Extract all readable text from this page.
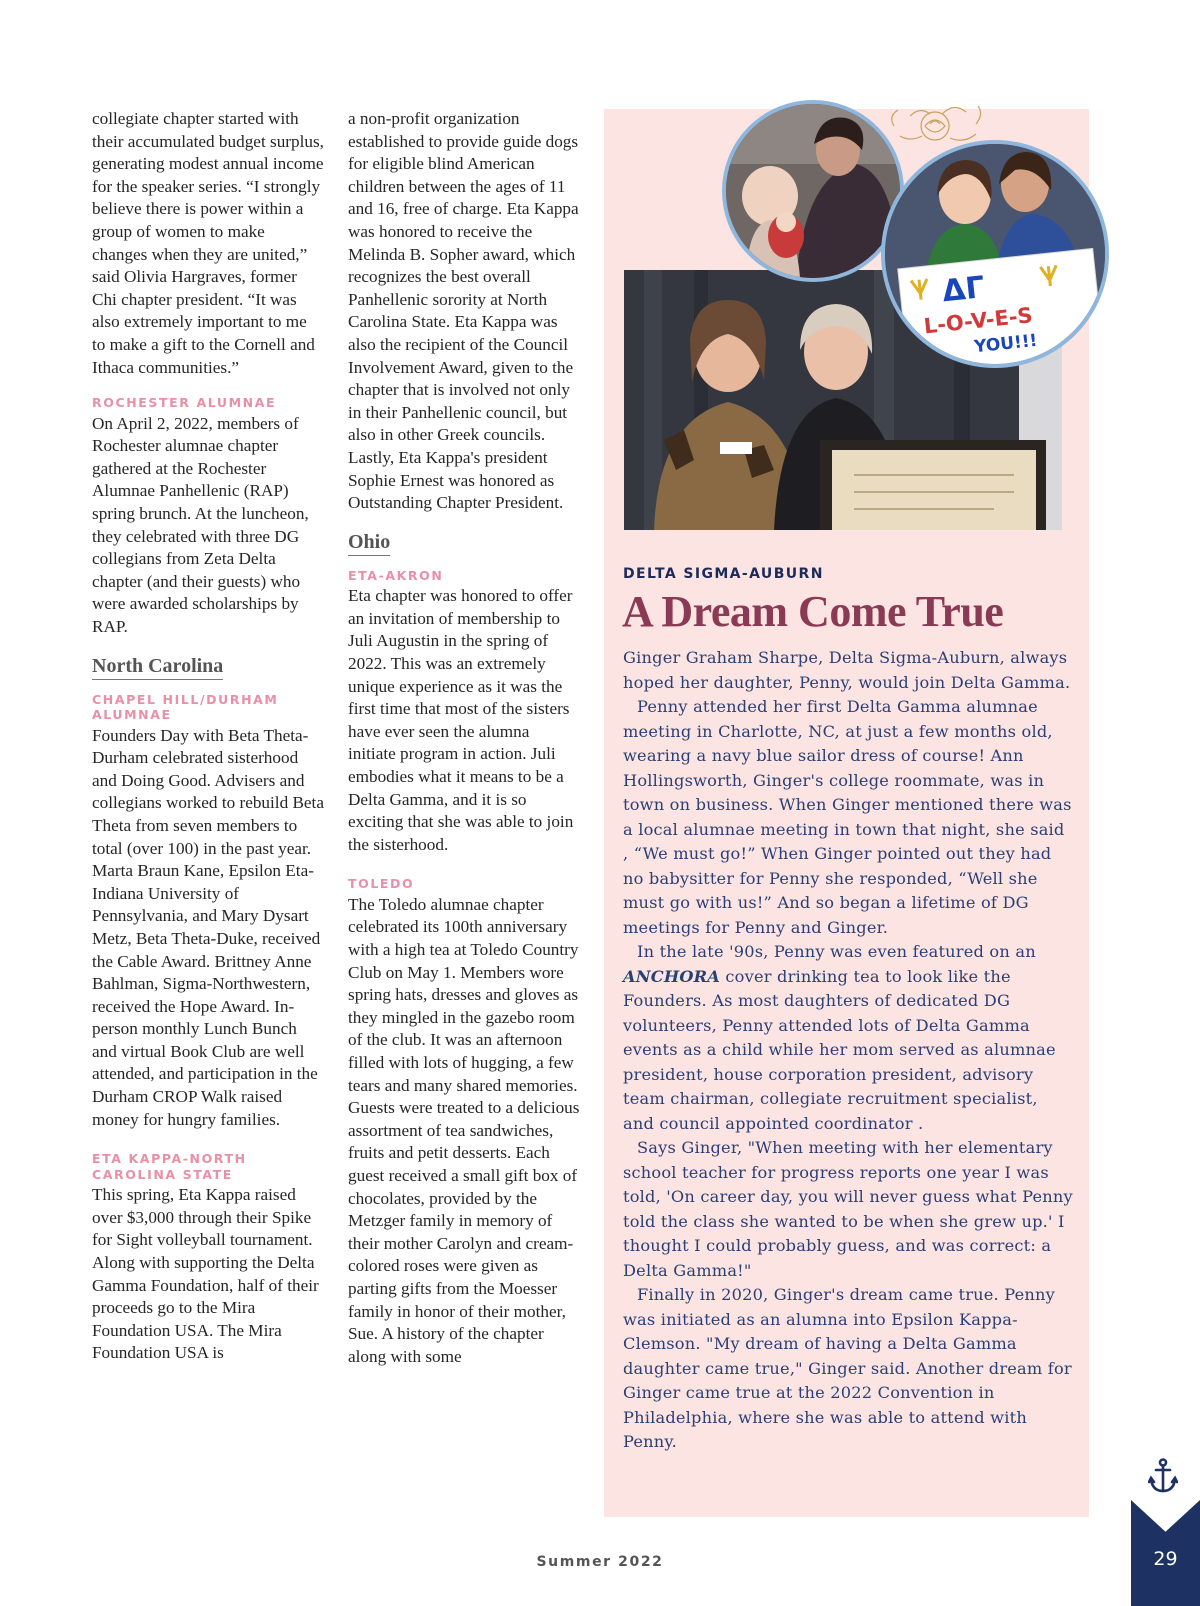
collegiate chapter started with their accumulated budget surplus, generating modest annual income for the speaker series. “I strongly believe there is power within a group of women to make changes when they are united,” said Olivia Hargraves, former Chi chapter president. “It was also extremely important to me to make a gift to the Cornell and Ithaca communities.”

ROCHESTER ALUMNAE

On April 2, 2022, members of Rochester alumnae chapter gathered at the Rochester Alumnae Panhellenic (RAP) spring brunch. At the luncheon, they celebrated with three DG collegians from Zeta Delta chapter (and their guests) who were awarded scholarships by RAP.

North Carolina
CHAPEL HILL/DURHAM ALUMNAE

Founders Day with Beta Theta-Durham celebrated sisterhood and Doing Good. Advisers and collegians worked to rebuild Beta Theta from seven members to total (over 100) in the past year. Marta Braun Kane, Epsilon Eta-Indiana University of Pennsylvania, and Mary Dysart Metz, Beta Theta-Duke, received the Cable Award. Brittney Anne Bahlman, Sigma-Northwestern, received the Hope Award. In-person monthly Lunch Bunch and virtual Book Club are well attended, and participation in the Durham CROP Walk raised money for hungry families.

ETA KAPPA-NORTH CAROLINA STATE

This spring, Eta Kappa raised over $3,000 through their Spike for Sight volleyball tournament. Along with supporting the Delta Gamma Foundation, half of their proceeds go to the Mira Foundation USA. The Mira Foundation USA is

a non-profit organization established to provide guide dogs for eligible blind American children between the ages of 11 and 16, free of charge. Eta Kappa was honored to receive the Melinda B. Sopher award, which recognizes the best overall Panhellenic sorority at North Carolina State. Eta Kappa was also the recipient of the Council Involvement Award, given to the chapter that is involved not only in their Panhellenic council, but also in other Greek councils. Lastly, Eta Kappa's president Sophie Ernest was honored as Outstanding Chapter President.

Ohio
ETA-AKRON

Eta chapter was honored to offer an invitation of membership to Juli Augustin in the spring of 2022. This was an extremely unique experience as it was the first time that most of the sisters have ever seen the alumna initiate program in action. Juli embodies what it means to be a Delta Gamma, and it is so exciting that she was able to join the sisterhood.

TOLEDO

The Toledo alumnae chapter celebrated its 100th anniversary with a high tea at Toledo Country Club on May 1. Members wore spring hats, dresses and gloves as they mingled in the gazebo room of the club. It was an afternoon filled with lots of hugging, a few tears and many shared memories. Guests were treated to a delicious assortment of tea sandwiches, fruits and petit desserts. Each guest received a small gift box of chocolates, provided by the Metzger family in memory of their mother Carolyn and cream-colored roses were given as parting gifts from the Moesser family in honor of their mother, Sue. A history of the chapter along with some

ΔΓ
L-O-V-E-S
YOU!!!
DELTA SIGMA-AUBURN
A Dream Come True

Ginger Graham Sharpe, Delta Sigma-Auburn, always hoped her daughter, Penny, would join Delta Gamma.

Penny attended her first Delta Gamma alumnae meeting in Charlotte, NC, at just a few months old, wearing a navy blue sailor dress of course! Ann Hollingsworth, Ginger's college roommate, was in town on business. When Ginger mentioned there was a local alumnae meeting in town that night, she said , “We must go!” When Ginger pointed out they had no babysitter for Penny she responded, “Well she must go with us!” And so began a lifetime of DG meetings for Penny and Ginger.

In the late '90s, Penny was even featured on an ANCHORA cover drinking tea to look like the Founders. As most daughters of dedicated DG volunteers, Penny attended lots of Delta Gamma events as a child while her mom served as alumnae president, house corporation president, advisory team chairman, collegiate recruitment specialist, and council appointed coordinator .

Says Ginger, "When meeting with her elementary school teacher for progress reports one year I was told, 'On career day, you will never guess what Penny told the class she wanted to be when she grew up.' I thought I could probably guess, and was correct: a Delta Gamma!"

Finally in 2020, Ginger's dream came true. Penny was initiated as an alumna into Epsilon Kappa-Clemson. "My dream of having a Delta Gamma daughter came true," Ginger said. Another dream for Ginger came true at the 2022 Convention in Philadelphia, where she was able to attend with Penny.

Summer 2022	29
